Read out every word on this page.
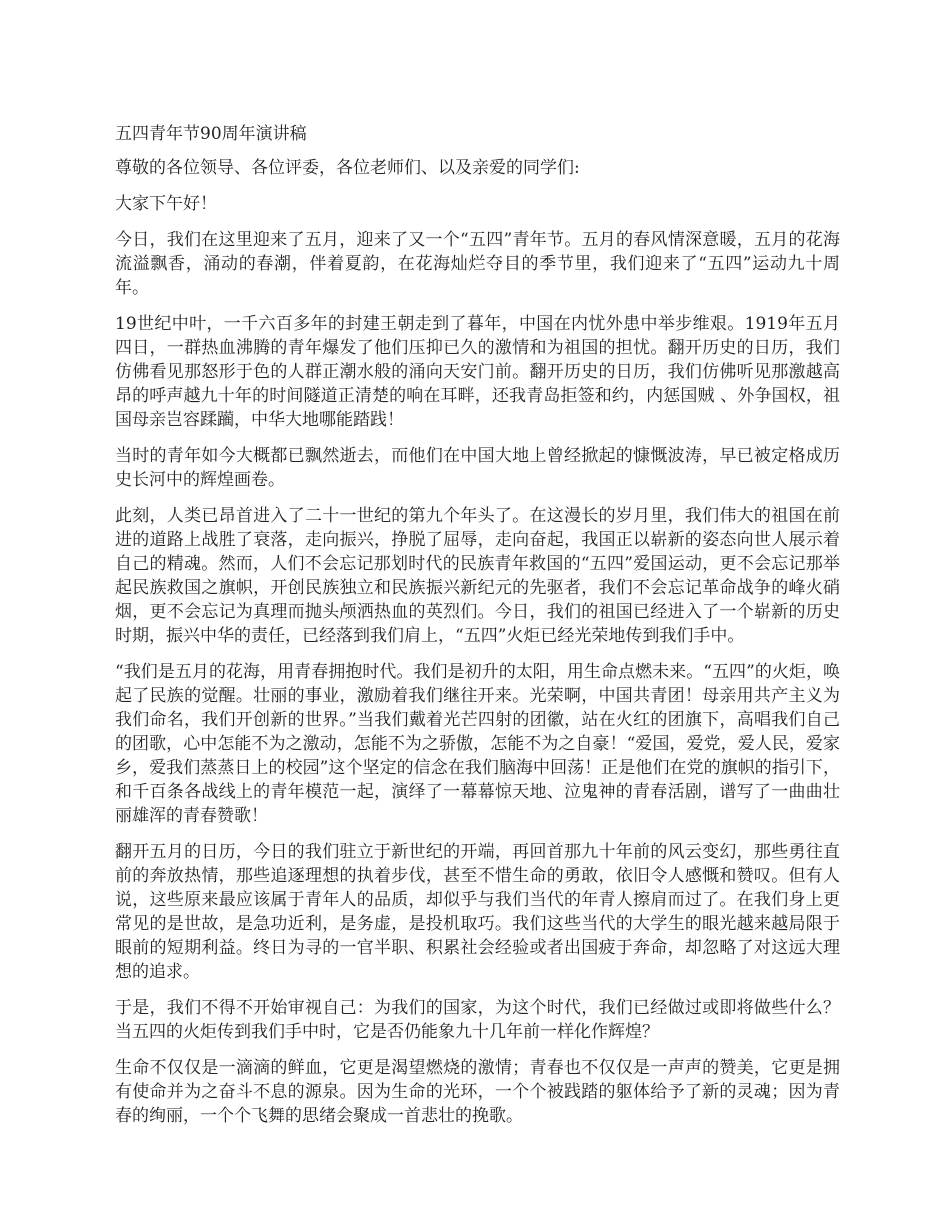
五四青年节90周年演讲稿

尊敬的各位领导、各位评委，各位老师们、以及亲爱的同学们:

大家下午好！

今日，我们在这里迎来了五月，迎来了又一个“五四”青年节。五月的春风情深意暖，五月的花海流溢飘香，涌动的春潮，伴着夏韵，在花海灿烂夺目的季节里，我们迎来了“五四”运动九十周年。

19世纪中叶，一千六百多年的封建王朝走到了暮年，中国在内忧外患中举步维艰。1919年五月四日，一群热血沸腾的青年爆发了他们压抑已久的激情和为祖国的担忧。翻开历史的日历，我们仿佛看见那怒形于色的人群正潮水般的涌向天安门前。翻开历史的日历，我们仿佛听见那激越高昂的呼声越九十年的时间隧道正清楚的响在耳畔，还我青岛拒签和约，内惩国贼 、外争国权，祖国母亲岂容蹂躏，中华大地哪能踏践！

当时的青年如今大概都已飘然逝去，而他们在中国大地上曾经掀起的慷慨波涛，早已被定格成历史长河中的辉煌画卷。

此刻，人类已昂首进入了二十一世纪的第九个年头了。在这漫长的岁月里，我们伟大的祖国在前进的道路上战胜了衰落，走向振兴，挣脱了屈辱，走向奋起，我国正以崭新的姿态向世人展示着自己的精魂。然而，人们不会忘记那划时代的民族青年救国的“五四”爱国运动，更不会忘记那举起民族救国之旗帜，开创民族独立和民族振兴新纪元的先驱者，我们不会忘记革命战争的峰火硝烟，更不会忘记为真理而抛头颅洒热血的英烈们。今日，我们的祖国已经进入了一个崭新的历史时期，振兴中华的责任，已经落到我们肩上，“五四”火炬已经光荣地传到我们手中。

“我们是五月的花海，用青春拥抱时代。我们是初升的太阳，用生命点燃未来。“五四”的火炬，唤起了民族的觉醒。壮丽的事业，激励着我们继往开来。光荣啊，中国共青团！母亲用共产主义为我们命名，我们开创新的世界。”当我们戴着光芒四射的团徽，站在火红的团旗下，高唱我们自己的团歌，心中怎能不为之激动，怎能不为之骄傲，怎能不为之自豪！“爱国，爱党，爱人民，爱家乡，爱我们蒸蒸日上的校园”这个坚定的信念在我们脑海中回荡！正是他们在党的旗帜的指引下，和千百条各战线上的青年模范一起，演绎了一幕幕惊天地、泣鬼神的青春活剧，谱写了一曲曲壮丽雄浑的青春赞歌！

翻开五月的日历，今日的我们驻立于新世纪的开端，再回首那九十年前的风云变幻，那些勇往直前的奔放热情，那些追逐理想的执着步伐，甚至不惜生命的勇敢，依旧令人感慨和赞叹。但有人说，这些原来最应该属于青年人的品质，却似乎与我们当代的年青人擦肩而过了。在我们身上更常见的是世故，是急功近利，是务虚，是投机取巧。我们这些当代的大学生的眼光越来越局限于眼前的短期利益。终日为寻的一官半职、积累社会经验或者出国疲于奔命，却忽略了对这远大理想的追求。

于是，我们不得不开始审视自己：为我们的国家，为这个时代，我们已经做过或即将做些什么？当五四的火炬传到我们手中时，它是否仍能象九十几年前一样化作辉煌？

生命不仅仅是一滴滴的鲜血，它更是渴望燃烧的激情；青春也不仅仅是一声声的赞美，它更是拥有使命并为之奋斗不息的源泉。因为生命的光环，一个个被践踏的躯体给予了新的灵魂；因为青春的绚丽，一个个飞舞的思绪会聚成一首悲壮的挽歌。
